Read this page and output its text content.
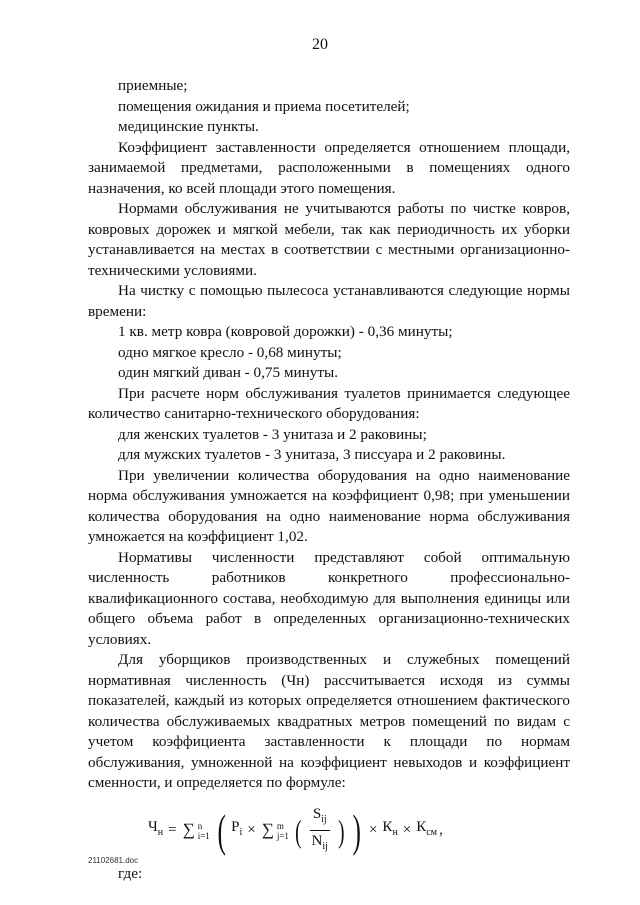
20

приемные;

помещения ожидания и приема посетителей;

медицинские пункты.

Коэффициент заставленности определяется отношением площади, занимаемой предметами, расположенными в помещениях одного назначения, ко всей площади этого помещения.

Нормами обслуживания не учитываются работы по чистке ковров, ковровых дорожек и мягкой мебели, так как периодичность их уборки устанавливается на местах в соответствии с местными организационно-техническими условиями.

На чистку с помощью пылесоса устанавливаются следующие нормы времени:

1 кв. метр ковра (ковровой дорожки) - 0,36 минуты;

одно мягкое кресло - 0,68 минуты;

один мягкий диван - 0,75 минуты.

При расчете норм обслуживания туалетов принимается следующее количество санитарно-технического оборудования:

для женских туалетов - 3 унитаза и 2 раковины;

для мужских туалетов - 3 унитаза, 3 писсуара и 2 раковины.

При увеличении количества оборудования на одно наименование норма обслуживания умножается на коэффициент 0,98; при уменьшении количества оборудования на одно наименование норма обслуживания умножается на коэффициент 1,02.

Нормативы численности представляют собой оптимальную численность работников конкретного профессионально-квалификационного состава, необходимую для выполнения единицы или общего объема работ в определенных организационно-технических условиях.

Для уборщиков производственных и служебных помещений нормативная численность (Чн) рассчитывается исходя из суммы показателей, каждый из которых определяется отношением фактического количества обслуживаемых квадратных метров помещений по видам с учетом коэффициента заставленности к площади по нормам обслуживания, умноженной на коэффициент невыходов и коэффициент сменности, и определяется по формуле:

$Ч_н$ = ∑ n
i=1 ( $P_i$ × ∑ m
j=1 ( $\frac{S_{ij}}{N_{ij}}$ ) ) × $К_н \times К_{см}$ ,

где:

21102681.doc
